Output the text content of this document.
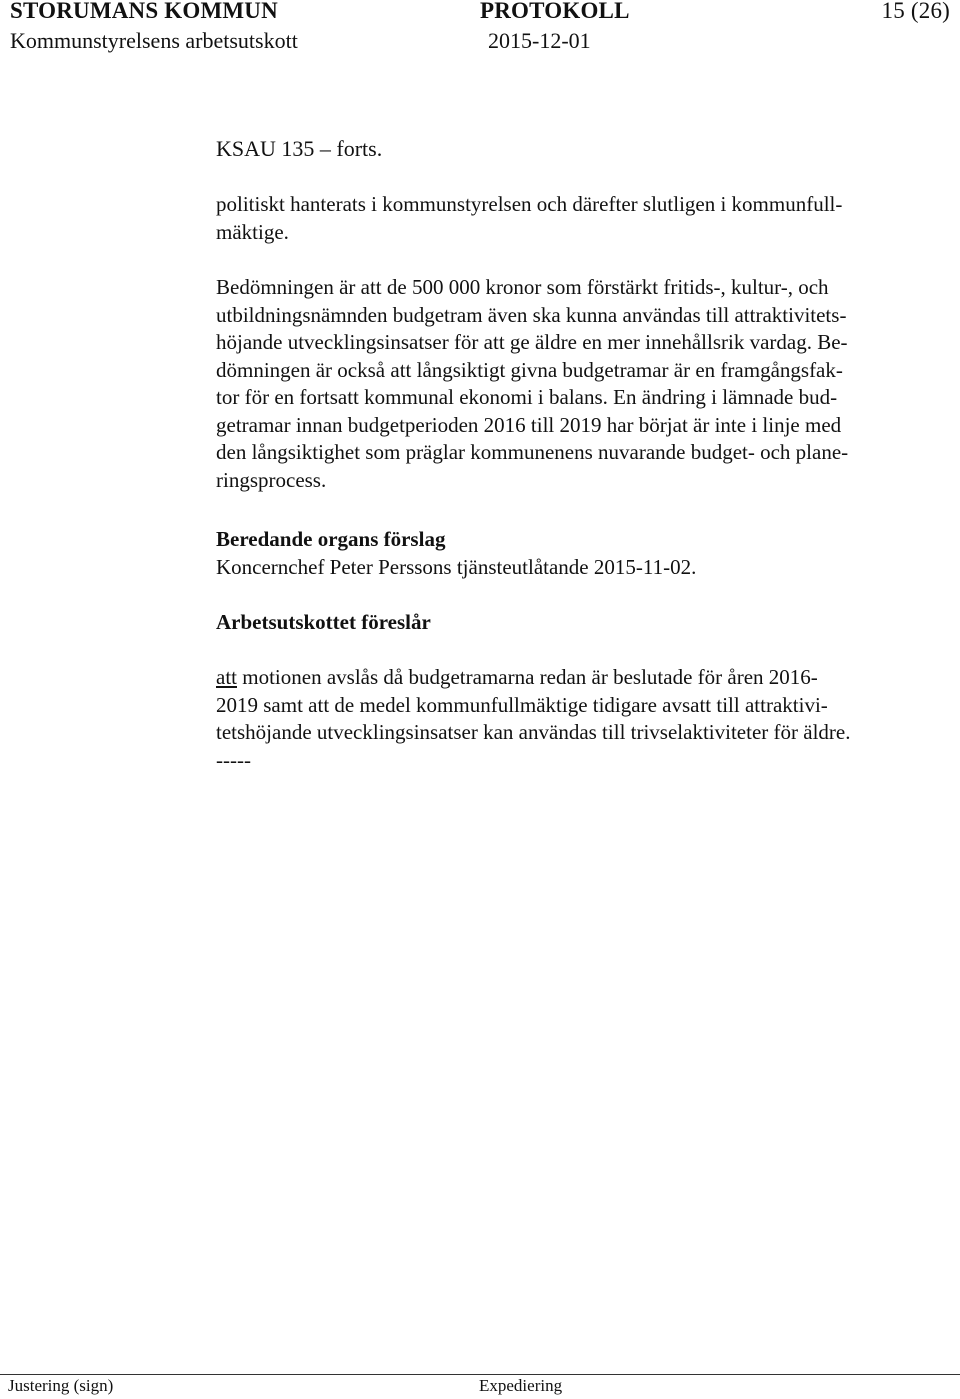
STORUMANS KOMMUN	PROTOKOLL	15 (26)
Kommunstyrelsens arbetsutskott	2015-12-01
KSAU 135 – forts.

politiskt hanterats i kommunstyrelsen och därefter slutligen i kommunfull-

mäktige.

Bedömningen är att de 500 000 kronor som förstärkt fritids-, kultur-, och

utbildningsnämnden budgetram även ska kunna användas till attraktivitets-

höjande utvecklingsinsatser för att ge äldre en mer innehållsrik vardag. Be-

dömningen är också att långsiktigt givna budgetramar är en framgångsfak-

tor för en fortsatt kommunal ekonomi i balans. En ändring i lämnade bud-

getramar innan budgetperioden 2016 till 2019 har börjat är inte i linje med

den långsiktighet som präglar kommunenens nuvarande budget- och plane-

ringsprocess.

Beredande organs förslag

Koncernchef Peter Perssons tjänsteutlåtande 2015-11-02.

Arbetsutskottet föreslår

att motionen avslås då budgetramarna redan är beslutade för åren 2016-

2019 samt att de medel kommunfullmäktige tidigare avsatt till attraktivi-

tetshöjande utvecklingsinsatser kan användas till trivselaktiviteter för äldre.

-----

Justering (sign)	Expediering
